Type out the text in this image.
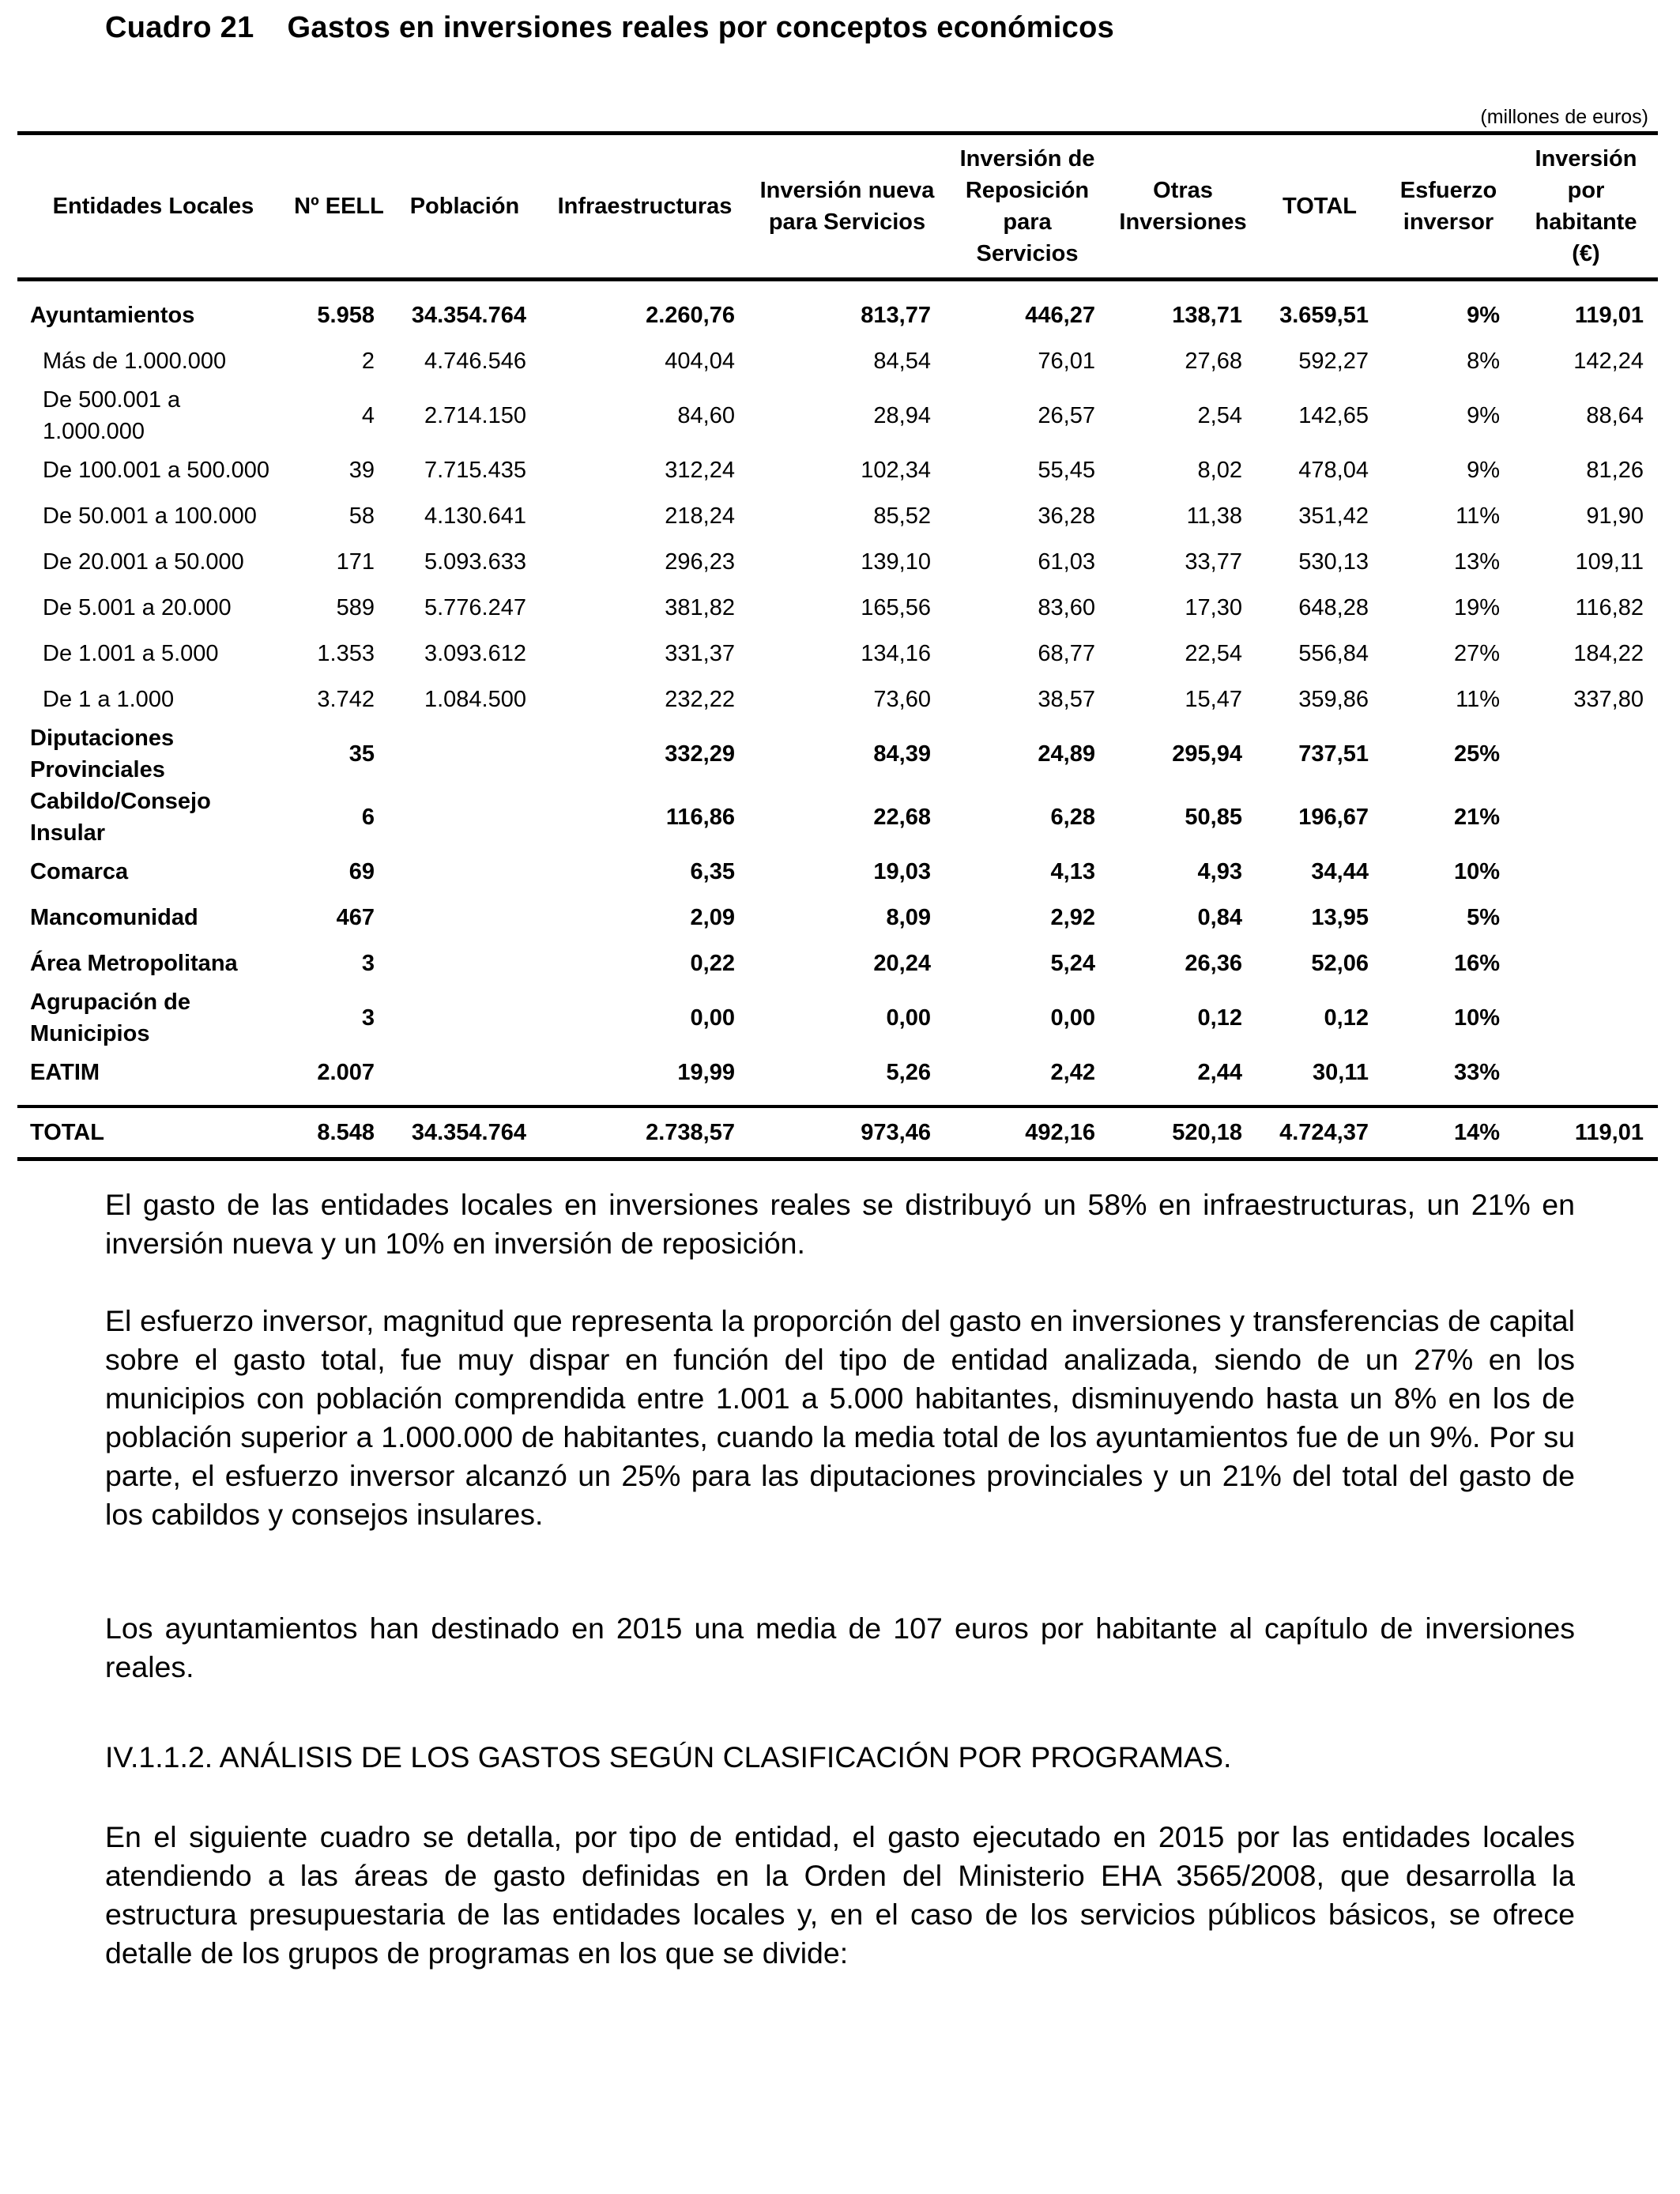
Cuadro 21 Gastos en inversiones reales por conceptos económicos
(millones de euros)
Entidades Locales	Nº EELL	Población	Infraestructuras	Inversión nueva para Servicios	Inversión de Reposición para Servicios	Otras Inversiones	TOTAL	Esfuerzo inversor	Inversión por habitante (€)
Ayuntamientos	5.958	34.354.764	2.260,76	813,77	446,27	138,71	3.659,51	9%	119,01
Más de 1.000.000	2	4.746.546	404,04	84,54	76,01	27,68	592,27	8%	142,24
De 500.001 a 1.000.000	4	2.714.150	84,60	28,94	26,57	2,54	142,65	9%	88,64
De 100.001 a 500.000	39	7.715.435	312,24	102,34	55,45	8,02	478,04	9%	81,26
De 50.001 a 100.000	58	4.130.641	218,24	85,52	36,28	11,38	351,42	11%	91,90
De 20.001 a 50.000	171	5.093.633	296,23	139,10	61,03	33,77	530,13	13%	109,11
De 5.001 a 20.000	589	5.776.247	381,82	165,56	83,60	17,30	648,28	19%	116,82
De 1.001 a 5.000	1.353	3.093.612	331,37	134,16	68,77	22,54	556,84	27%	184,22
De 1 a 1.000	3.742	1.084.500	232,22	73,60	38,57	15,47	359,86	11%	337,80
Diputaciones Provinciales	35		332,29	84,39	24,89	295,94	737,51	25%	
Cabildo/Consejo Insular	6		116,86	22,68	6,28	50,85	196,67	21%	
Comarca	69		6,35	19,03	4,13	4,93	34,44	10%	
Mancomunidad	467		2,09	8,09	2,92	0,84	13,95	5%	
Área Metropolitana	3		0,22	20,24	5,24	26,36	52,06	16%	
Agrupación de Municipios	3		0,00	0,00	0,00	0,12	0,12	10%	
EATIM	2.007		19,99	5,26	2,42	2,44	30,11	33%	
TOTAL	8.548	34.354.764	2.738,57	973,46	492,16	520,18	4.724,37	14%	119,01

El gasto de las entidades locales en inversiones reales se distribuyó un 58% en infraestructuras, un 21% en inversión nueva y un 10% en inversión de reposición.

El esfuerzo inversor, magnitud que representa la proporción del gasto en inversiones y transferencias de capital sobre el gasto total, fue muy dispar en función del tipo de entidad analizada, siendo de un 27% en los municipios con población comprendida entre 1.001 a 5.000 habitantes, disminuyendo hasta un 8% en los de población superior a 1.000.000 de habitantes, cuando la media total de los ayuntamientos fue de un 9%. Por su parte, el esfuerzo inversor alcanzó un 25% para las diputaciones provinciales y un 21% del total del gasto de los cabildos y consejos insulares.

Los ayuntamientos han destinado en 2015 una media de 107 euros por habitante al capítulo de inversiones reales.

IV.1.1.2. ANÁLISIS DE LOS GASTOS SEGÚN CLASIFICACIÓN POR PROGRAMAS.

En el siguiente cuadro se detalla, por tipo de entidad, el gasto ejecutado en 2015 por las entidades locales atendiendo a las áreas de gasto definidas en la Orden del Ministerio EHA 3565/2008, que desarrolla la estructura presupuestaria de las entidades locales y, en el caso de los servicios públicos básicos, se ofrece detalle de los grupos de programas en los que se divide:
